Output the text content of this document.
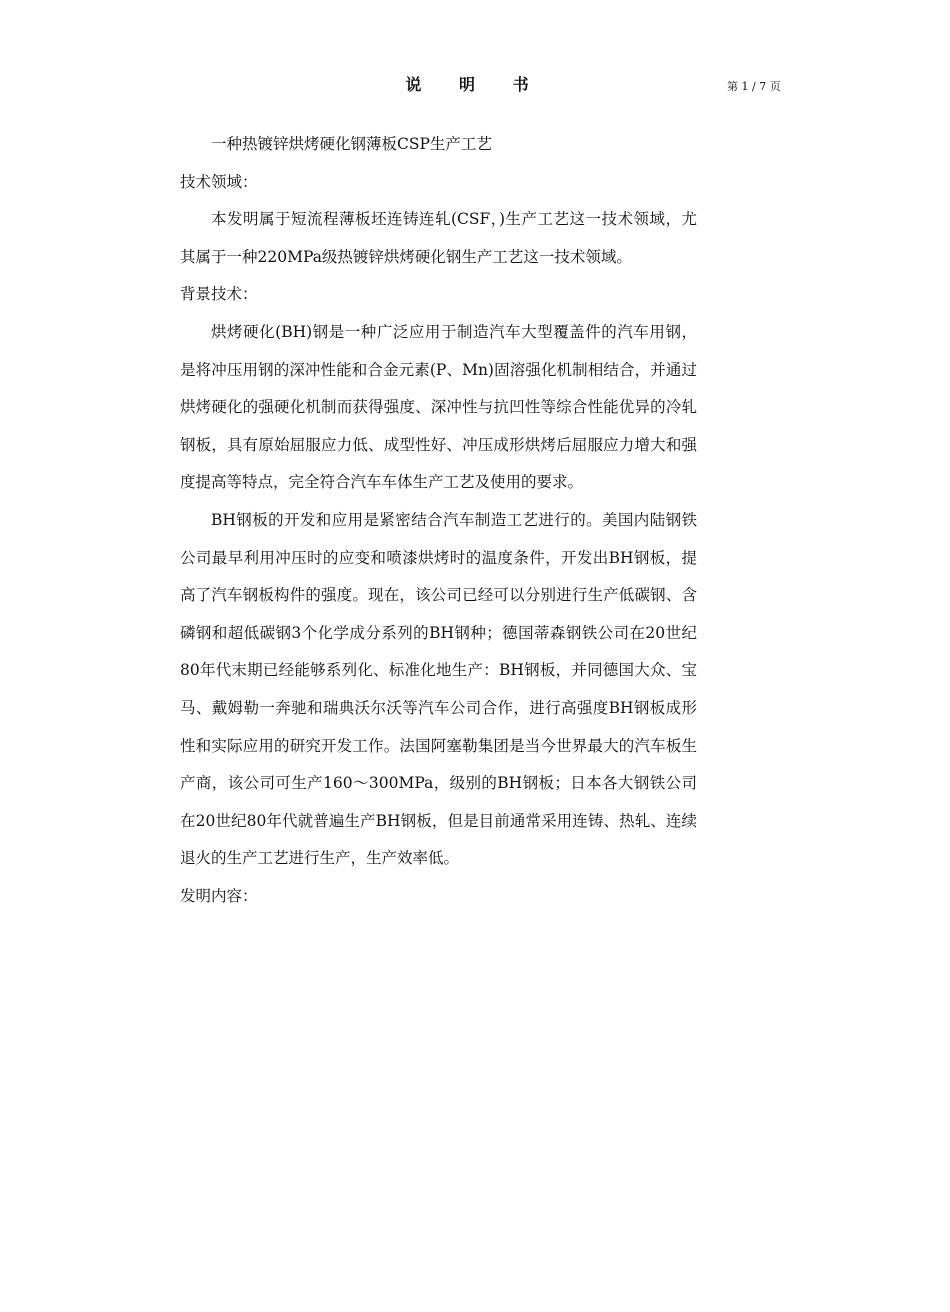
说 明 书	第 1 / 7 页

一种热镀锌烘烤硬化钢薄板CSP生产工艺

技术领域：

本发明属于短流程薄板坯连铸连轧(CSF，)生产工艺这一技术领域，尤其属于一种220MPa级热镀锌烘烤硬化钢生产工艺这一技术领域。

背景技术：

烘烤硬化(BH)钢是一种广泛应用于制造汽车大型覆盖件的汽车用钢，是将冲压用钢的深冲性能和合金元素(P、Mn)固溶强化机制相结合，并通过烘烤硬化的强硬化机制而获得强度、深冲性与抗凹性等综合性能优异的冷轧钢板，具有原始屈服应力低、成型性好、冲压成形烘烤后屈服应力增大和强度提高等特点，完全符合汽车车体生产工艺及使用的要求。

BH钢板的开发和应用是紧密结合汽车制造工艺进行的。美国内陆钢铁公司最早利用冲压时的应变和喷漆烘烤时的温度条件，开发出BH钢板，提高了汽车钢板构件的强度。现在，该公司已经可以分别进行生产低碳钢、含磷钢和超低碳钢3个化学成分系列的BH钢种；德国蒂森钢铁公司在20世纪80年代末期已经能够系列化、标准化地生产：BH钢板，并同德国大众、宝马、戴姆勒一奔驰和瑞典沃尔沃等汽车公司合作，进行高强度BH钢板成形性和实际应用的研究开发工作。法国阿塞勒集团是当今世界最大的汽车板生产商，该公司可生产160～300MPa，级别的BH钢板；日本各大钢铁公司在20世纪80年代就普遍生产BH钢板，但是目前通常采用连铸、热轧、连续退火的生产工艺进行生产，生产效率低。

发明内容：
